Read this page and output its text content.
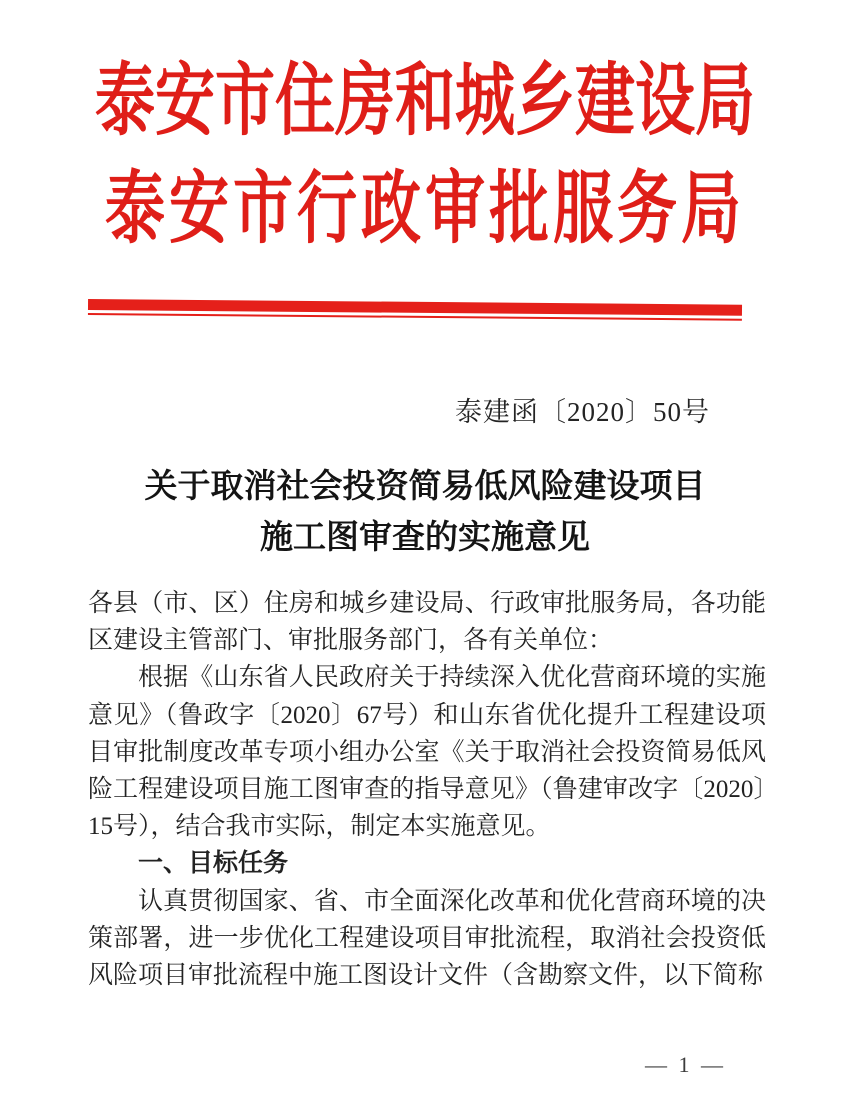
泰安市住房和城乡建设局
泰安市行政审批服务局
泰建函〔2020〕50号
关于取消社会投资简易低风险建设项目
施工图审查的实施意见

各县（市、区）住房和城乡建设局、行政审批服务局，各功能区建设主管部门、审批服务部门，各有关单位：

根据《山东省人民政府关于持续深入优化营商环境的实施意见》（鲁政字〔2020〕67号）和山东省优化提升工程建设项目审批制度改革专项小组办公室《关于取消社会投资简易低风险工程建设项目施工图审查的指导意见》（鲁建审改字〔2020〕15号），结合我市实际，制定本实施意见。

一、目标任务

认真贯彻国家、省、市全面深化改革和优化营商环境的决策部署，进一步优化工程建设项目审批流程，取消社会投资低风险项目审批流程中施工图设计文件（含勘察文件，以下简称

— 1 —
